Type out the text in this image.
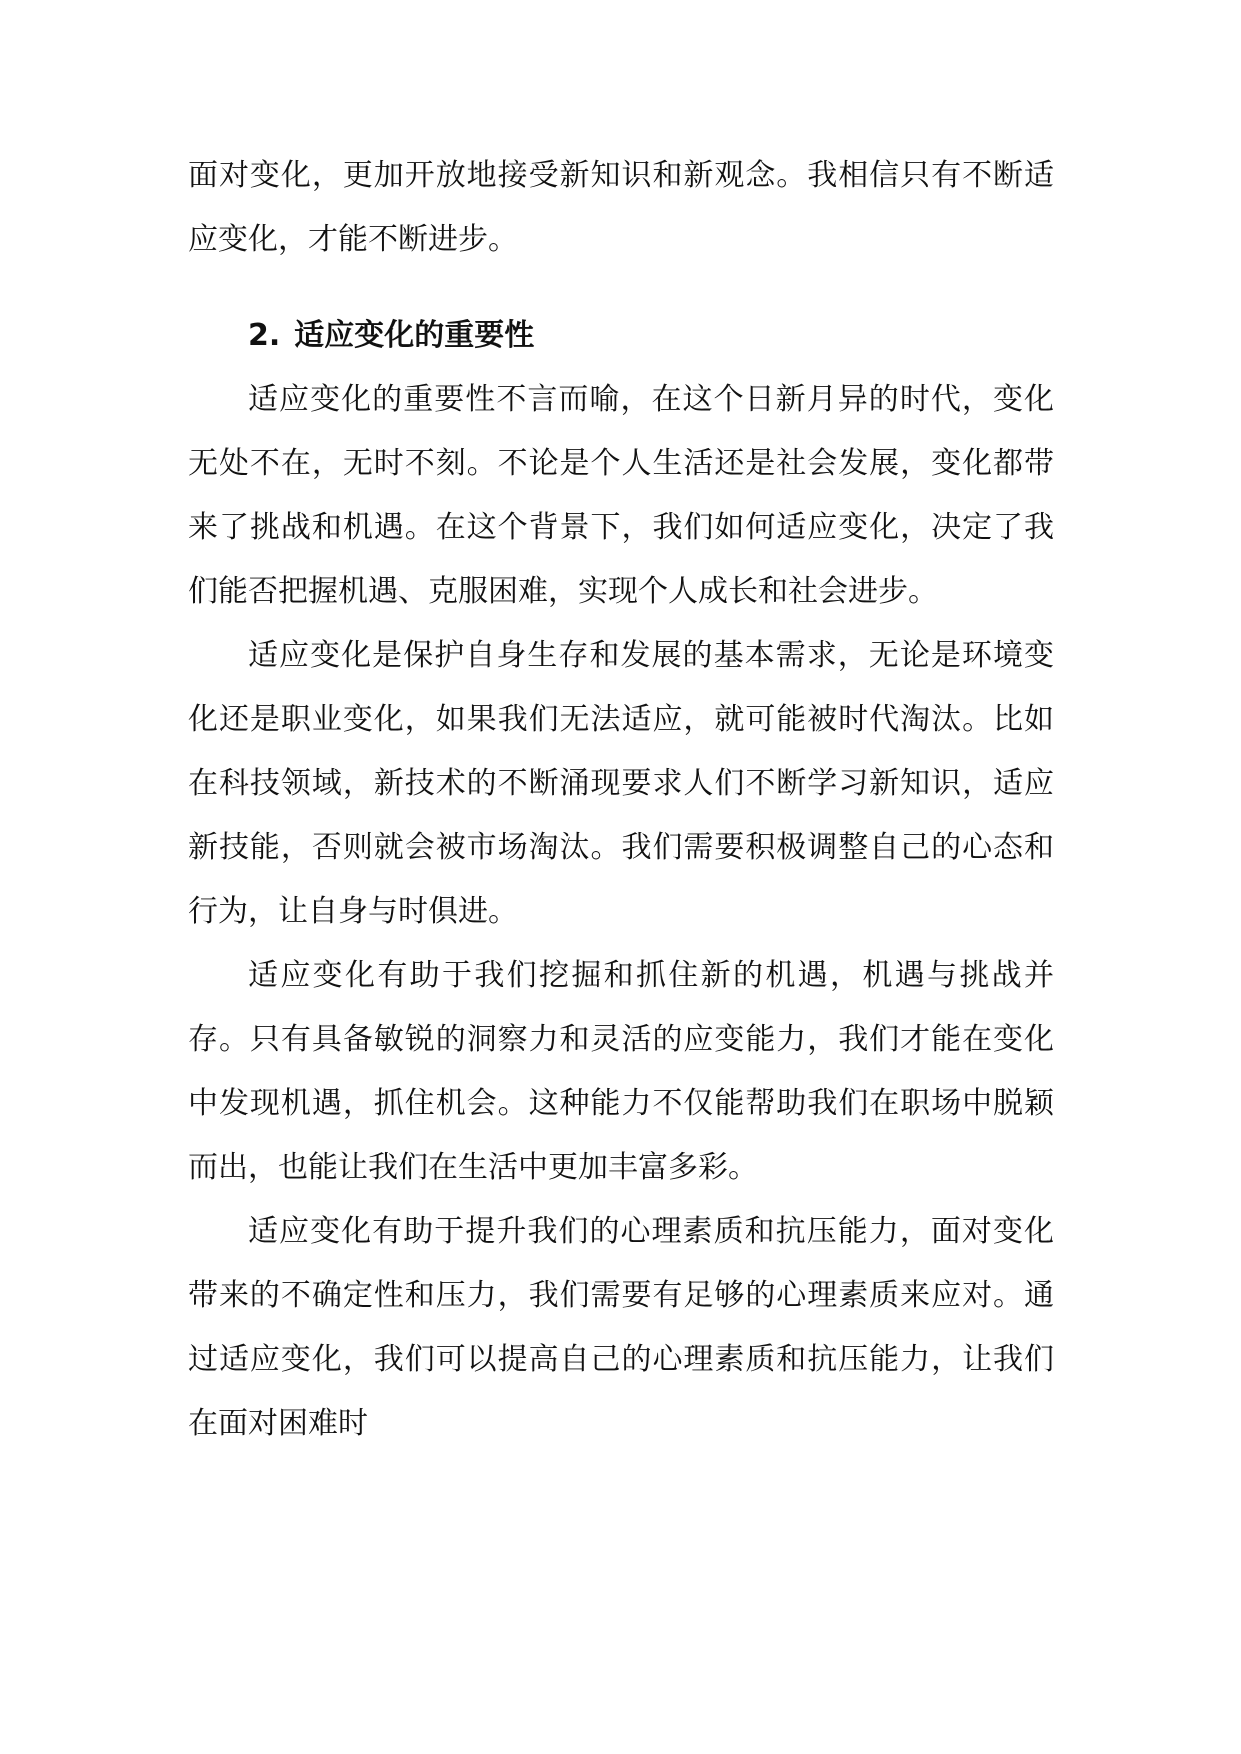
面对变化，更加开放地接受新知识和新观念。我相信只有不断适应变化，才能不断进步。

2. 适应变化的重要性

适应变化的重要性不言而喻，在这个日新月异的时代，变化无处不在，无时不刻。不论是个人生活还是社会发展，变化都带来了挑战和机遇。在这个背景下，我们如何适应变化，决定了我们能否把握机遇、克服困难，实现个人成长和社会进步。

适应变化是保护自身生存和发展的基本需求，无论是环境变化还是职业变化，如果我们无法适应，就可能被时代淘汰。比如在科技领域，新技术的不断涌现要求人们不断学习新知识，适应新技能，否则就会被市场淘汰。我们需要积极调整自己的心态和行为，让自身与时俱进。

适应变化有助于我们挖掘和抓住新的机遇，机遇与挑战并存。只有具备敏锐的洞察力和灵活的应变能力，我们才能在变化中发现机遇，抓住机会。这种能力不仅能帮助我们在职场中脱颖而出，也能让我们在生活中更加丰富多彩。

适应变化有助于提升我们的心理素质和抗压能力，面对变化带来的不确定性和压力，我们需要有足够的心理素质来应对。通过适应变化，我们可以提高自己的心理素质和抗压能力，让我们在面对困难时
